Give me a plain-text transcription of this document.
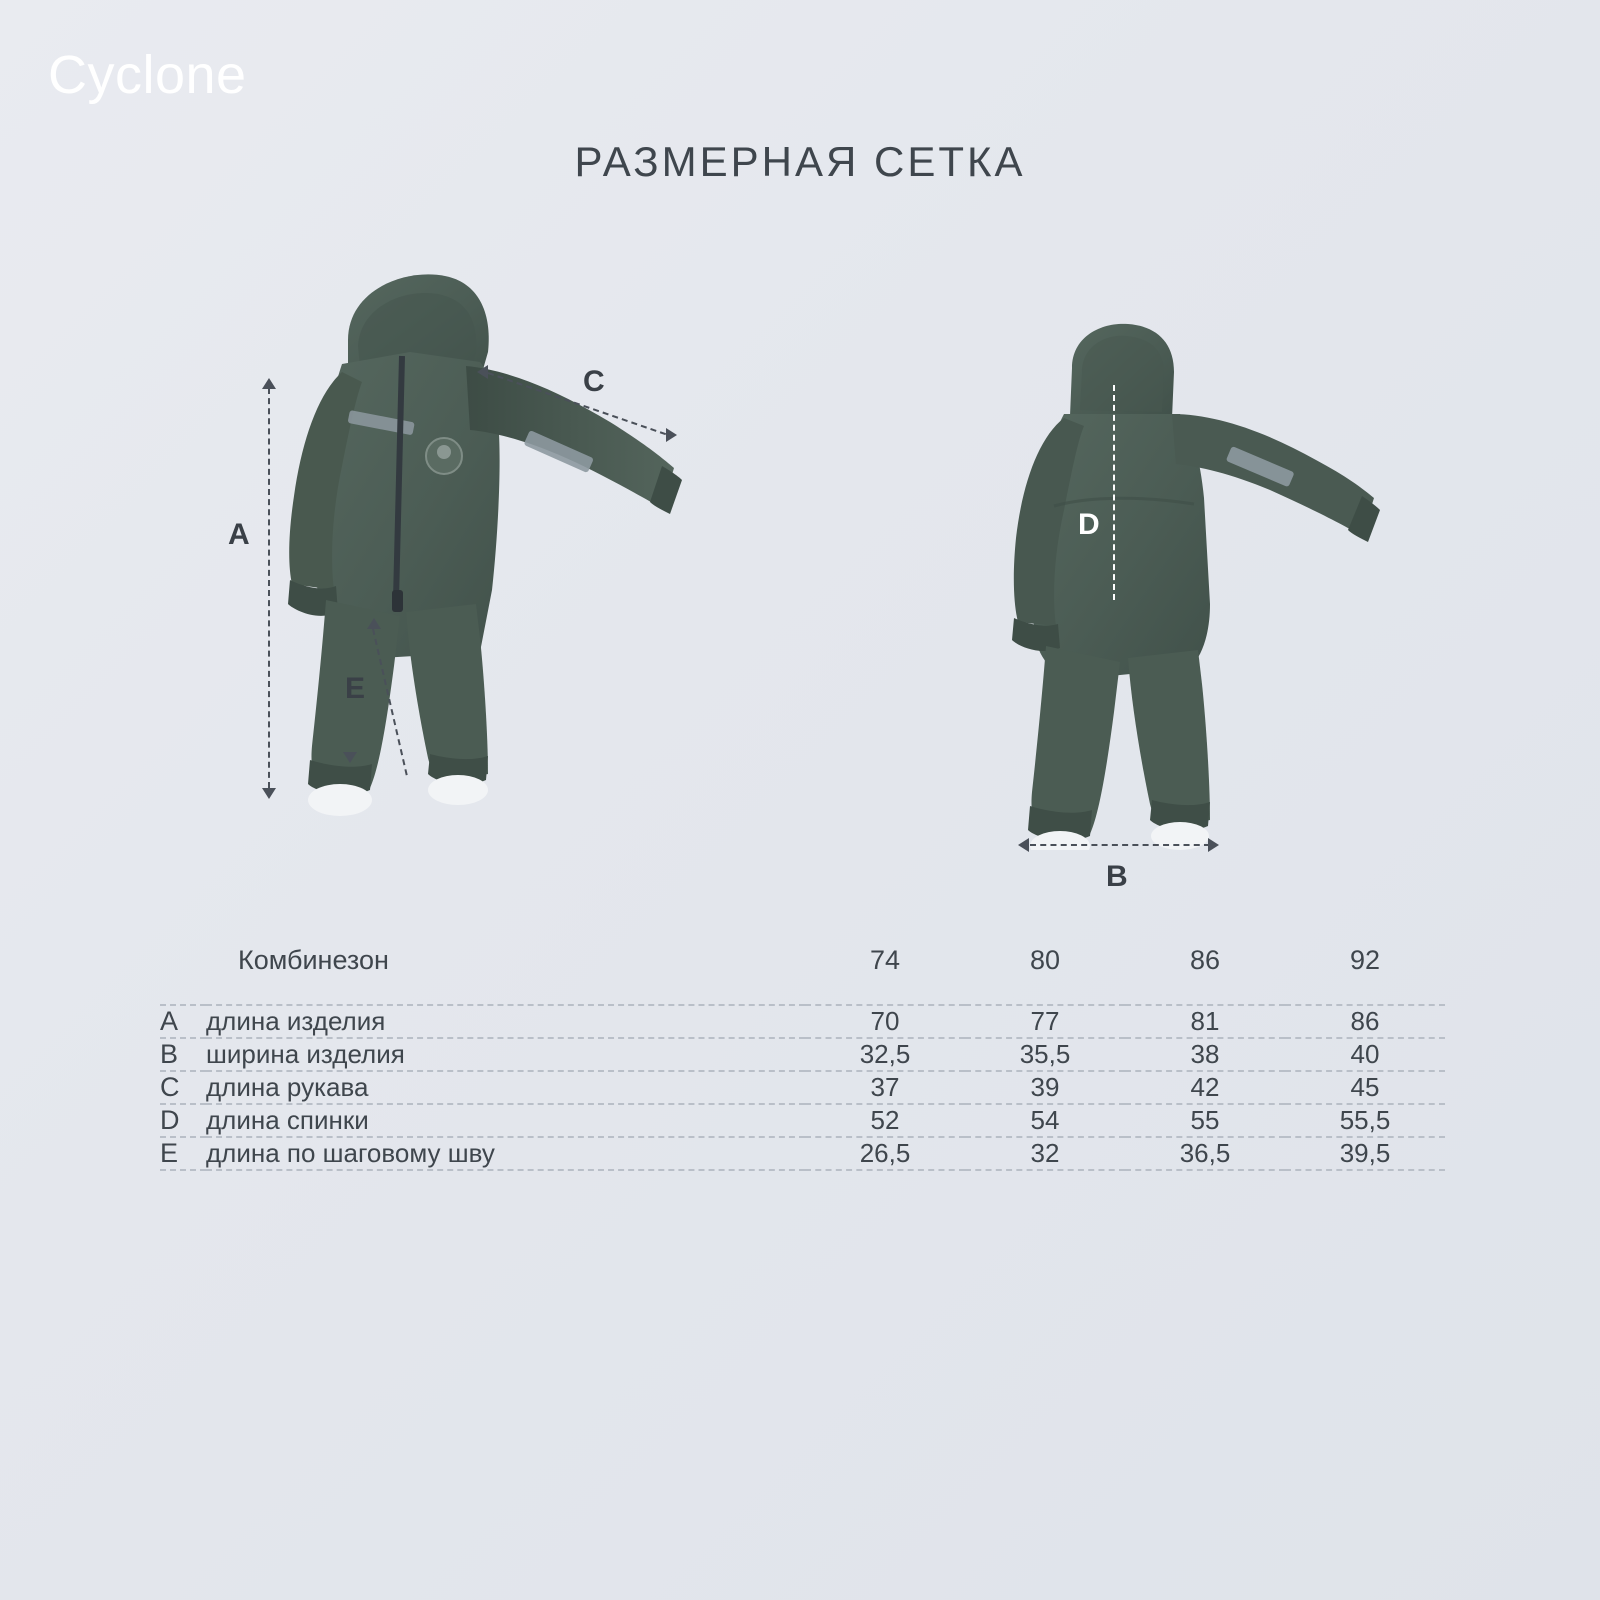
Cyclone
РАЗМЕРНАЯ СЕТКА
A
C
E
D
B
Комбинезон		74	80	86	92

A	длина изделия	70	77	81	86

B	ширина изделия	32,5	35,5	38	40

C	длина рукава	37	39	42	45

D	длина спинки	52	54	55	55,5

E	длина по шаговому шву	26,5	32	36,5	39,5
